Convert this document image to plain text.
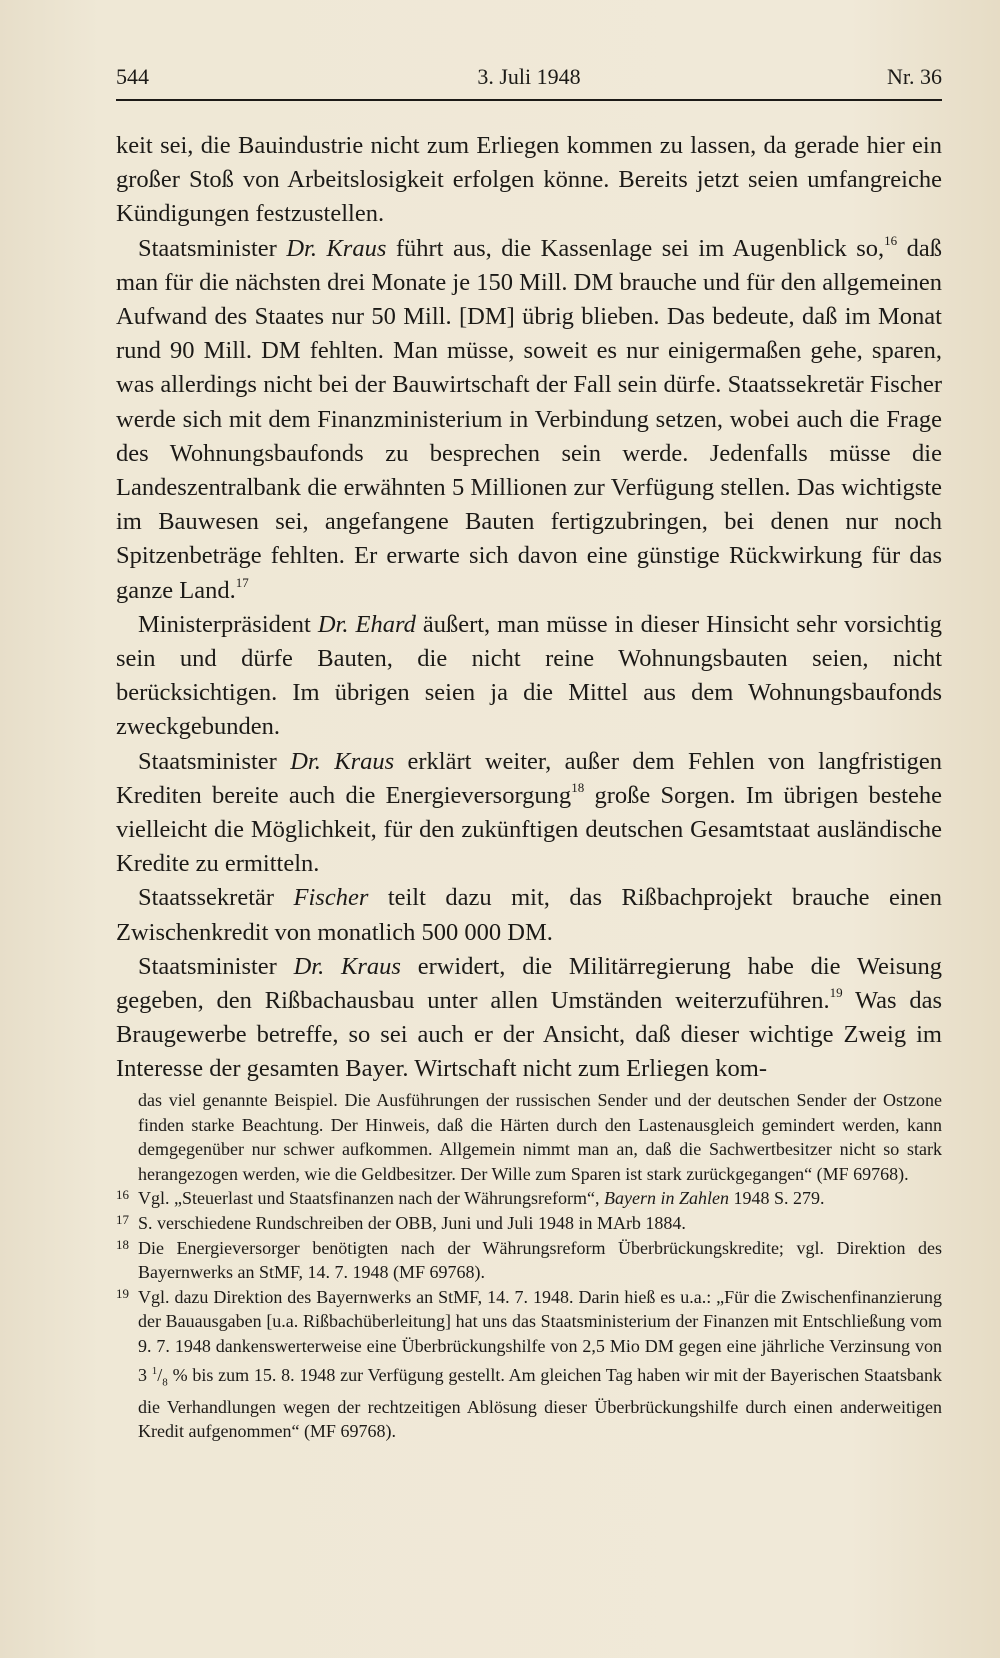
544	3. Juli 1948	Nr. 36

keit sei, die Bauindustrie nicht zum Erliegen kommen zu lassen, da gerade hier ein großer Stoß von Arbeitslosigkeit erfolgen könne. Bereits jetzt seien umfangreiche Kündigungen festzustellen.

Staatsminister Dr. Kraus führt aus, die Kassenlage sei im Augenblick so,$^{16}$ daß man für die nächsten drei Monate je 150 Mill. DM brauche und für den allgemeinen Aufwand des Staates nur 50 Mill. [DM] übrig blieben. Das bedeute, daß im Monat rund 90 Mill. DM fehlten. Man müsse, soweit es nur einigermaßen gehe, sparen, was allerdings nicht bei der Bauwirtschaft der Fall sein dürfe. Staatssekretär Fischer werde sich mit dem Finanzministerium in Verbindung setzen, wobei auch die Frage des Wohnungsbaufonds zu besprechen sein werde. Jedenfalls müsse die Landeszentralbank die erwähnten 5 Millionen zur Verfügung stellen. Das wichtigste im Bauwesen sei, angefangene Bauten fertigzubringen, bei denen nur noch Spitzenbeträge fehlten. Er erwarte sich davon eine günstige Rückwirkung für das ganze Land.$^{17}$

Ministerpräsident Dr. Ehard äußert, man müsse in dieser Hinsicht sehr vorsichtig sein und dürfe Bauten, die nicht reine Wohnungsbauten seien, nicht berücksichtigen. Im übrigen seien ja die Mittel aus dem Wohnungsbaufonds zweckgebunden.

Staatsminister Dr. Kraus erklärt weiter, außer dem Fehlen von langfristigen Krediten bereite auch die Energieversorgung$^{18}$ große Sorgen. Im übrigen bestehe vielleicht die Möglichkeit, für den zukünftigen deutschen Gesamtstaat ausländische Kredite zu ermitteln.

Staatssekretär Fischer teilt dazu mit, das Rißbachprojekt brauche einen Zwischenkredit von monatlich 500 000 DM.

Staatsminister Dr. Kraus erwidert, die Militärregierung habe die Weisung gegeben, den Rißbachausbau unter allen Umständen weiterzuführen.$^{19}$ Was das Braugewerbe betreffe, so sei auch er der Ansicht, daß dieser wichtige Zweig im Interesse der gesamten Bayer. Wirtschaft nicht zum Erliegen kom-

das viel genannte Beispiel. Die Ausführungen der russischen Sender und der deutschen Sender der Ostzone finden starke Beachtung. Der Hinweis, daß die Härten durch den Lastenausgleich gemindert werden, kann demgegenüber nur schwer aufkommen. Allgemein nimmt man an, daß die Sachwertbesitzer nicht so stark herangezogen werden, wie die Geldbesitzer. Der Wille zum Sparen ist stark zurückgegangen“ (MF 69768).

16 Vgl. „Steuerlast und Staatsfinanzen nach der Währungsreform“, Bayern in Zahlen 1948 S. 279.
17 S. verschiedene Rundschreiben der OBB, Juni und Juli 1948 in MArb 1884.
18 Die Energieversorger benötigten nach der Währungsreform Überbrückungskredite; vgl. Direktion des Bayernwerks an StMF, 14. 7. 1948 (MF 69768).
19 Vgl. dazu Direktion des Bayernwerks an StMF, 14. 7. 1948. Darin hieß es u.a.: „Für die Zwischenfinanzierung der Bauausgaben [u.a. Rißbachüberleitung] hat uns das Staatsministerium der Finanzen mit Entschließung vom 9. 7. 1948 dankenswerterweise eine Überbrückungshilfe von 2,5 Mio DM gegen eine jährliche Verzinsung von 3 $^1/_8$ % bis zum 15. 8. 1948 zur Verfügung gestellt. Am gleichen Tag haben wir mit der Bayerischen Staatsbank die Verhandlungen wegen der rechtzeitigen Ablösung dieser Überbrückungshilfe durch einen anderweitigen Kredit aufgenommen“ (MF 69768).
